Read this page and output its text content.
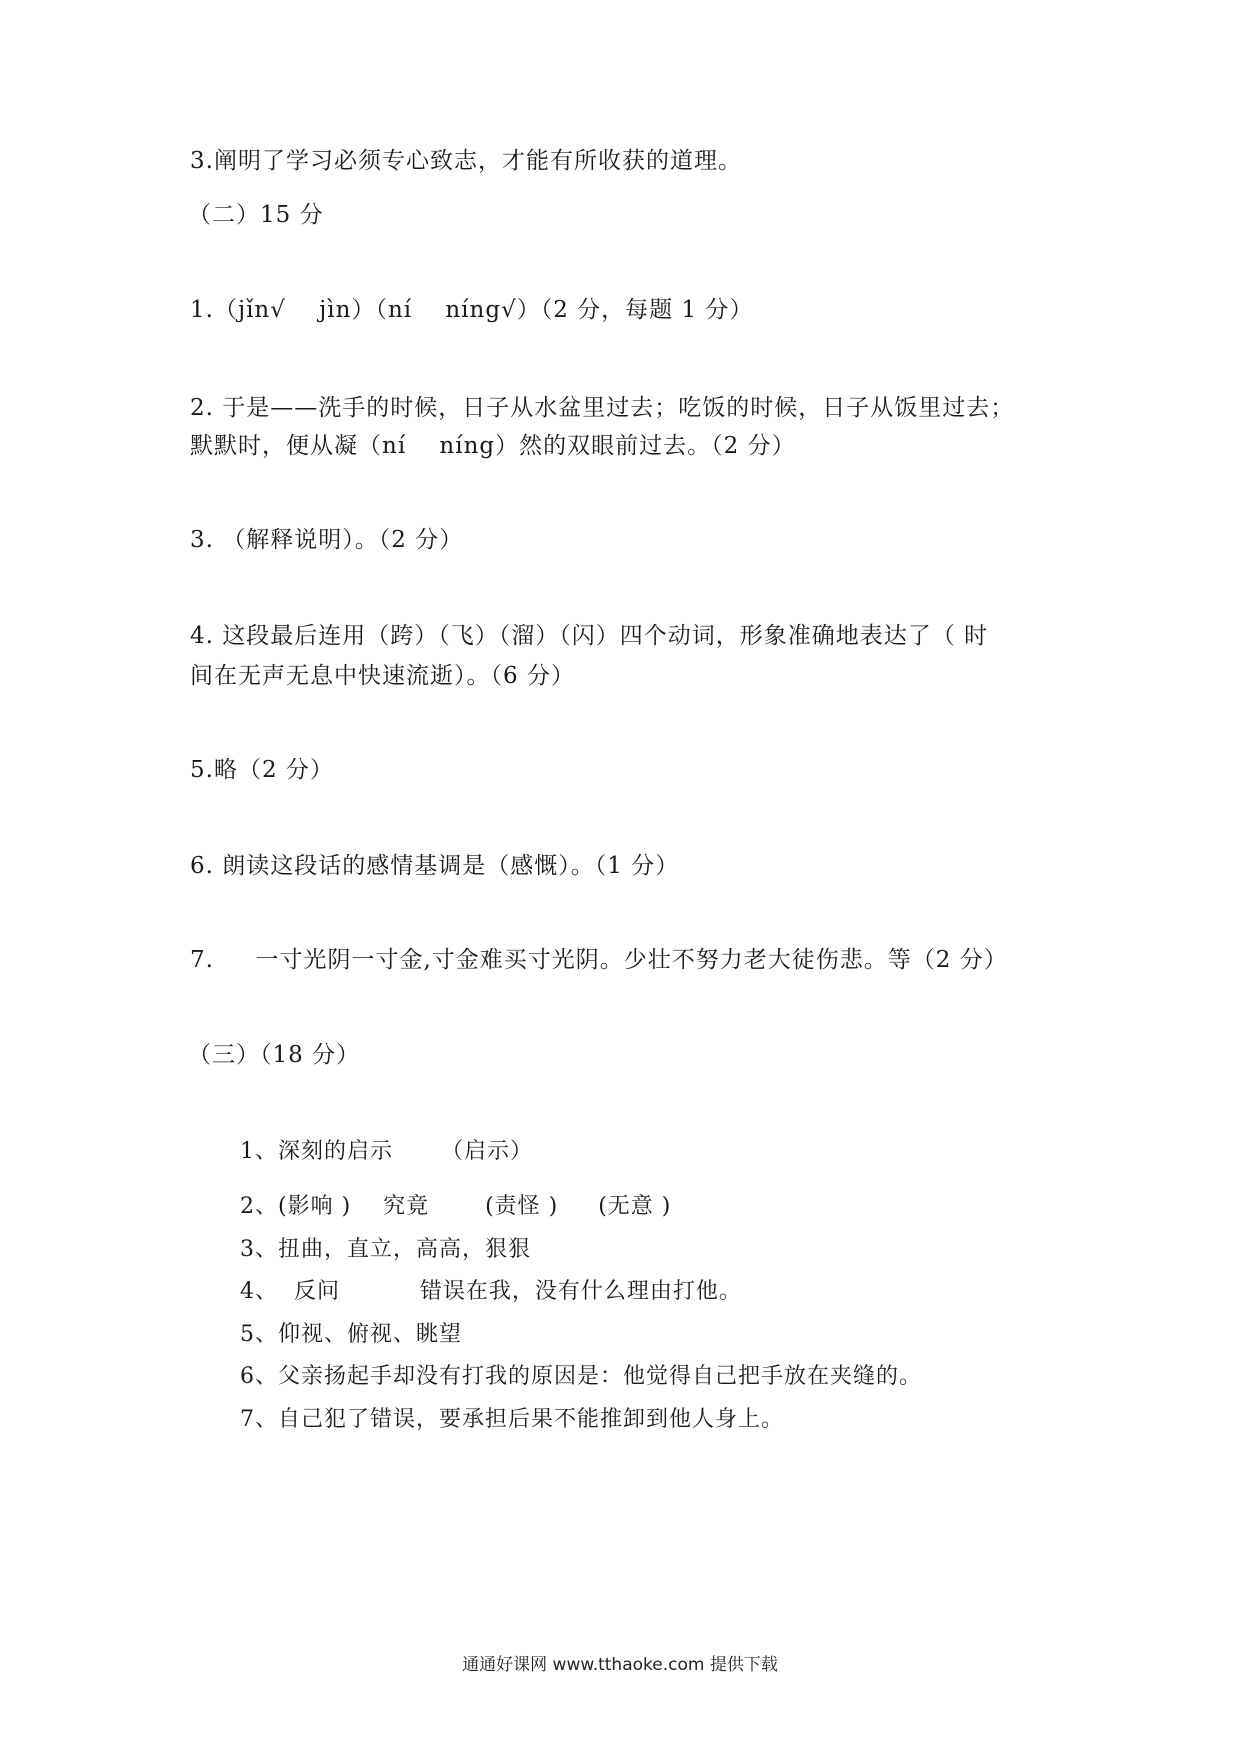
3.阐明了学习必须专心致志，才能有所收获的道理。
（二）15 分
1.（jǐn√    jìn）（ní    níng√）（2 分，每题 1 分）
2. 于是——洗手的时候，日子从水盆里过去；吃饭的时候，日子从饭里过去；
默默时，便从凝（ní    níng）然的双眼前过去。（2 分）
3. （解释说明）。（2 分）
4. 这段最后连用（跨）（飞）（溜）（闪）四个动词，形象准确地表达了（ 时
间在无声无息中快速流逝）。（6 分）
5.略（2 分）
6. 朗读这段话的感情基调是（感慨）。（1 分）
7.     一寸光阴一寸金,寸金难买寸光阴。少壮不努力老大徒伤悲。等（2 分）
（三）（18 分）
1、深刻的启示      （启示）
2、(影响 )    究竟       (责怪 )     (无意 )
3、扭曲，直立，高高，狠狠
4、  反问          错误在我，没有什么理由打他。
5、仰视、俯视、眺望
6、父亲扬起手却没有打我的原因是：他觉得自己把手放在夹缝的。
7、自己犯了错误，要承担后果不能推卸到他人身上。
通通好课网 www.tthaoke.com 提供下载
